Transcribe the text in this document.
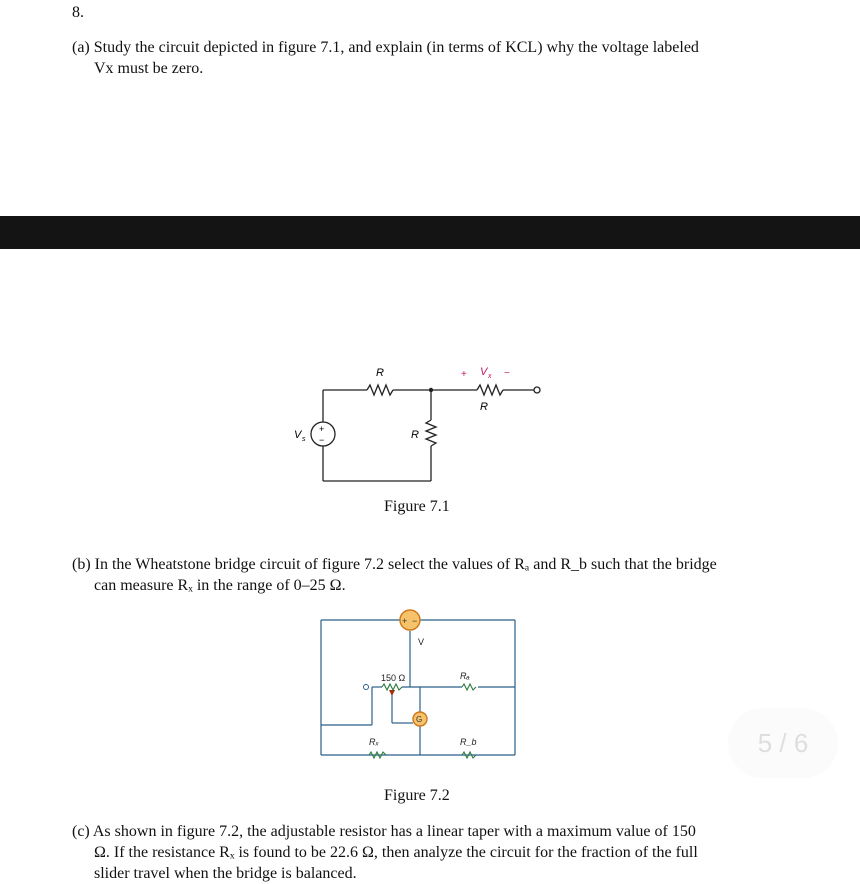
8.
(a) Study the circuit depicted in figure 7.1, and explain (in terms of KCL) why the voltage labeled
Vx must be zero.
+
−
V s
R
R
R
+ V x −
Figure 7.1
(b) In the Wheatstone bridge circuit of figure 7.2 select the values of Rₐ and R_b such that the bridge
can measure Rₓ in the range of 0–25 Ω.
+ −
V
G
150 Ω	Rₐ
R_b
Rₓ
Figure 7.2
(c) As shown in figure 7.2, the adjustable resistor has a linear taper with a maximum value of 150
Ω. If the resistance Rₓ is found to be 22.6 Ω, then analyze the circuit for the fraction of the full
slider travel when the bridge is balanced.
5 / 6
